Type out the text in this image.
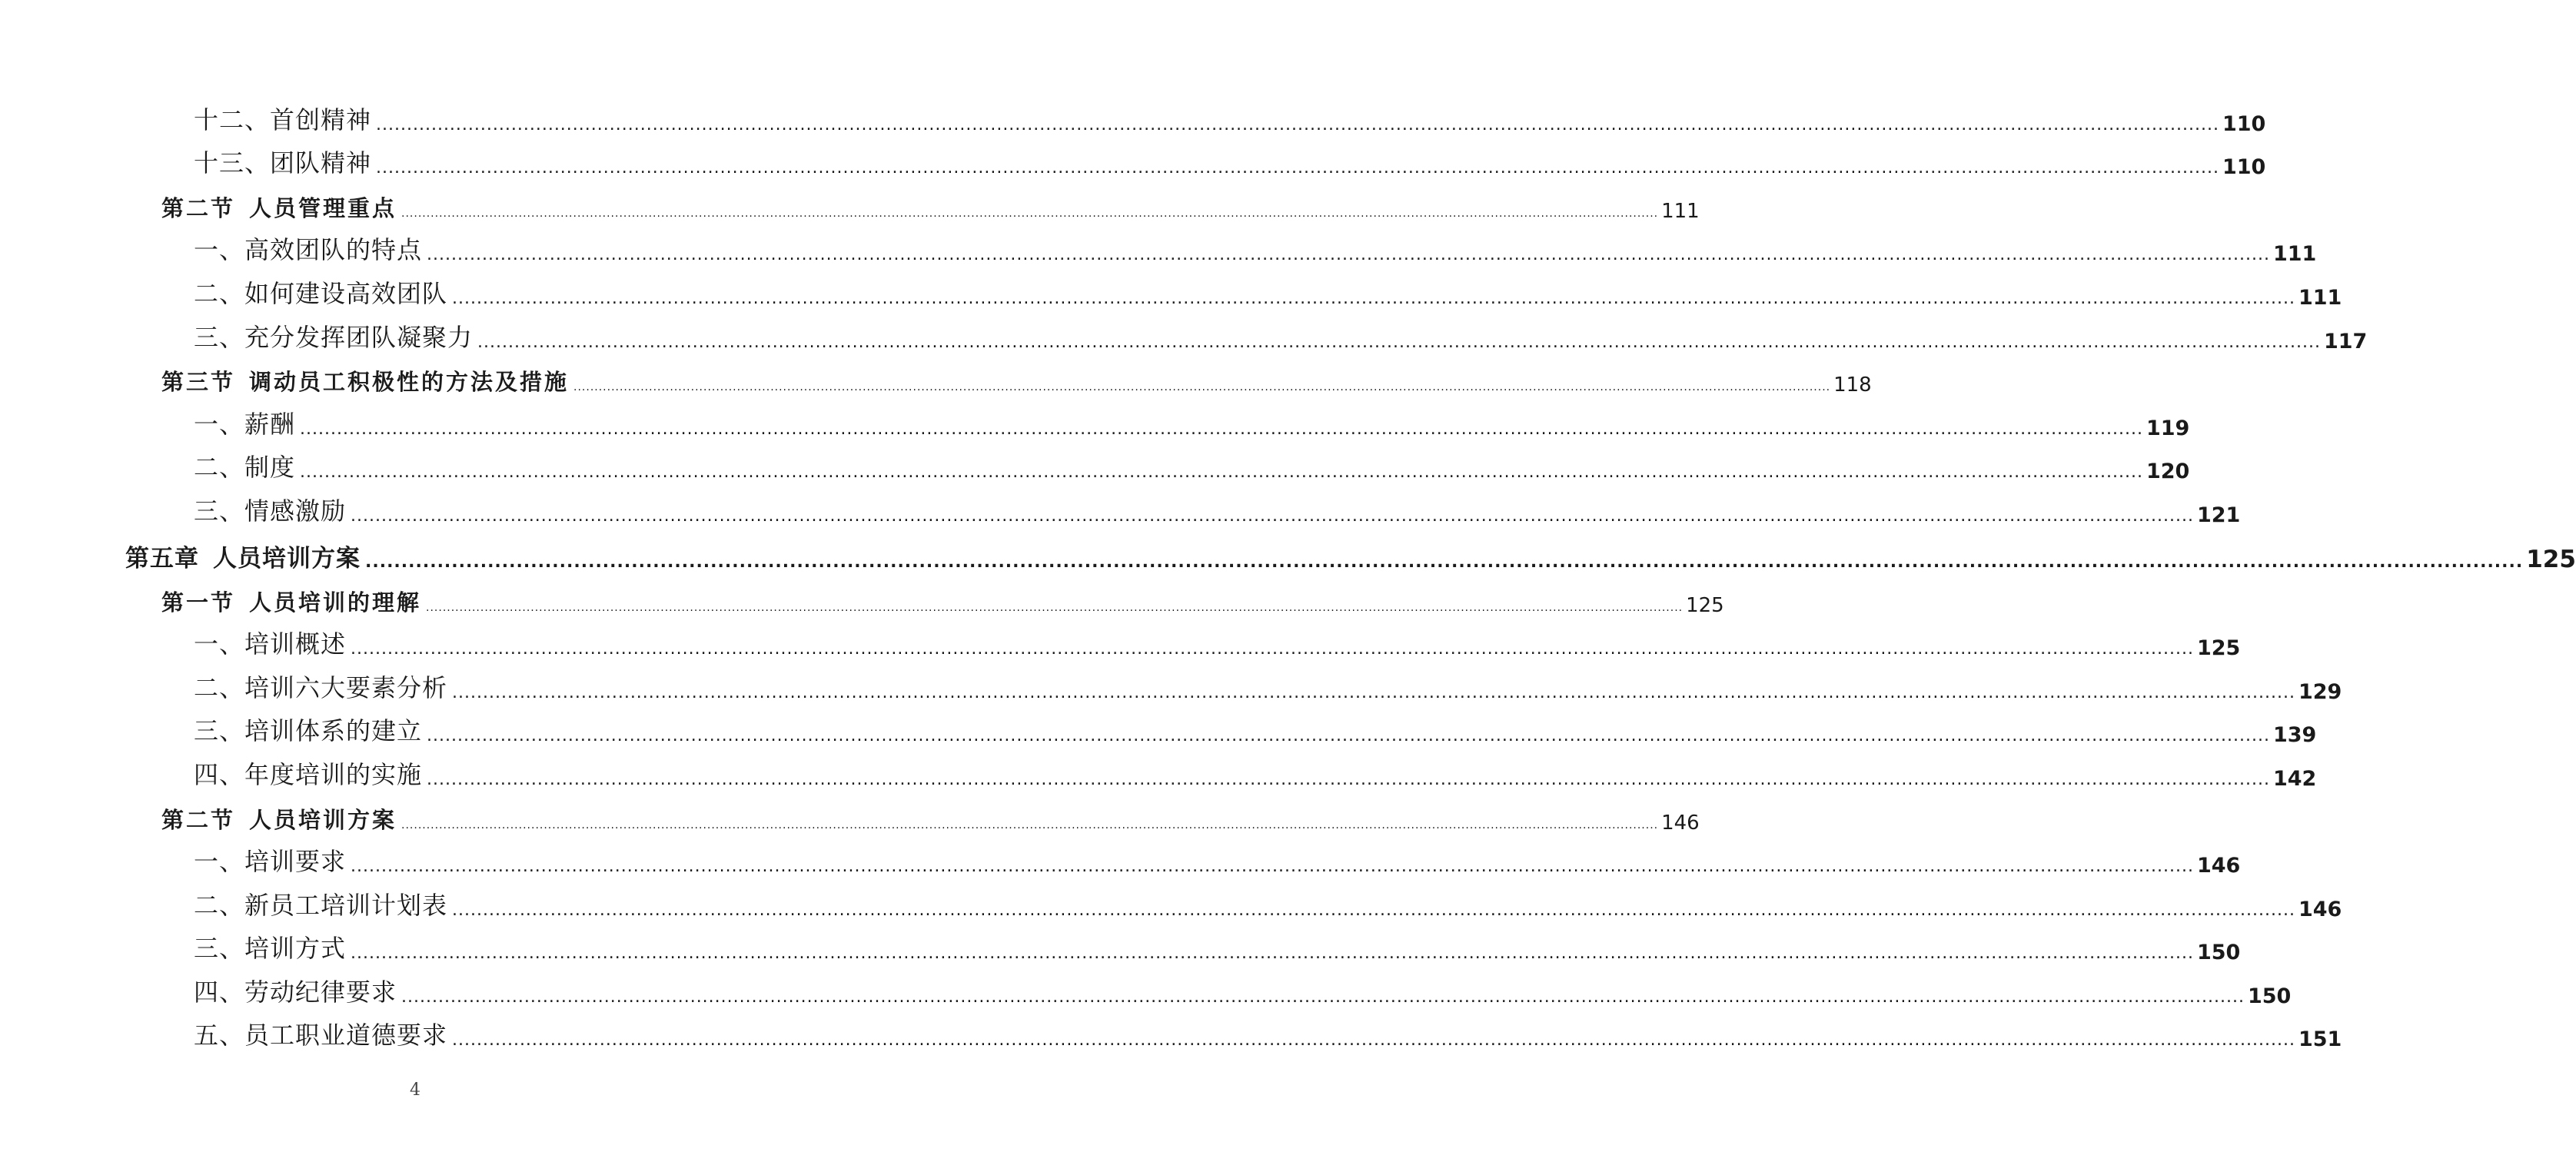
十二、首创精神 ............................................................................................................................................................................................................................................................................................................ 110
十三、团队精神 ............................................................................................................................................................................................................................................................................................................ 110
第二节 人员管理重点 ............................................................................................................................................................................................................................................................................................................ 111
一、高效团队的特点 ............................................................................................................................................................................................................................................................................................................ 111
二、如何建设高效团队 ............................................................................................................................................................................................................................................................................................................ 111
三、充分发挥团队凝聚力 ............................................................................................................................................................................................................................................................................................................ 117
第三节 调动员工积极性的方法及措施 ............................................................................................................................................................................................................................................................................................................ 118
一、薪酬 ............................................................................................................................................................................................................................................................................................................ 119
二、制度 ............................................................................................................................................................................................................................................................................................................ 120
三、情感激励 ............................................................................................................................................................................................................................................................................................................ 121
第五章 人员培训方案 ............................................................................................................................................................................................................................................................................................................ 125
第一节 人员培训的理解 ............................................................................................................................................................................................................................................................................................................ 125
一、培训概述 ............................................................................................................................................................................................................................................................................................................ 125
二、培训六大要素分析 ............................................................................................................................................................................................................................................................................................................ 129
三、培训体系的建立 ............................................................................................................................................................................................................................................................................................................ 139
四、年度培训的实施 ............................................................................................................................................................................................................................................................................................................ 142
第二节 人员培训方案 ............................................................................................................................................................................................................................................................................................................ 146
一、培训要求 ............................................................................................................................................................................................................................................................................................................ 146
二、新员工培训计划表 ............................................................................................................................................................................................................................................................................................................ 146
三、培训方式 ............................................................................................................................................................................................................................................................................................................ 150
四、劳动纪律要求 ............................................................................................................................................................................................................................................................................................................ 150
五、员工职业道德要求 ............................................................................................................................................................................................................................................................................................................ 151
4
